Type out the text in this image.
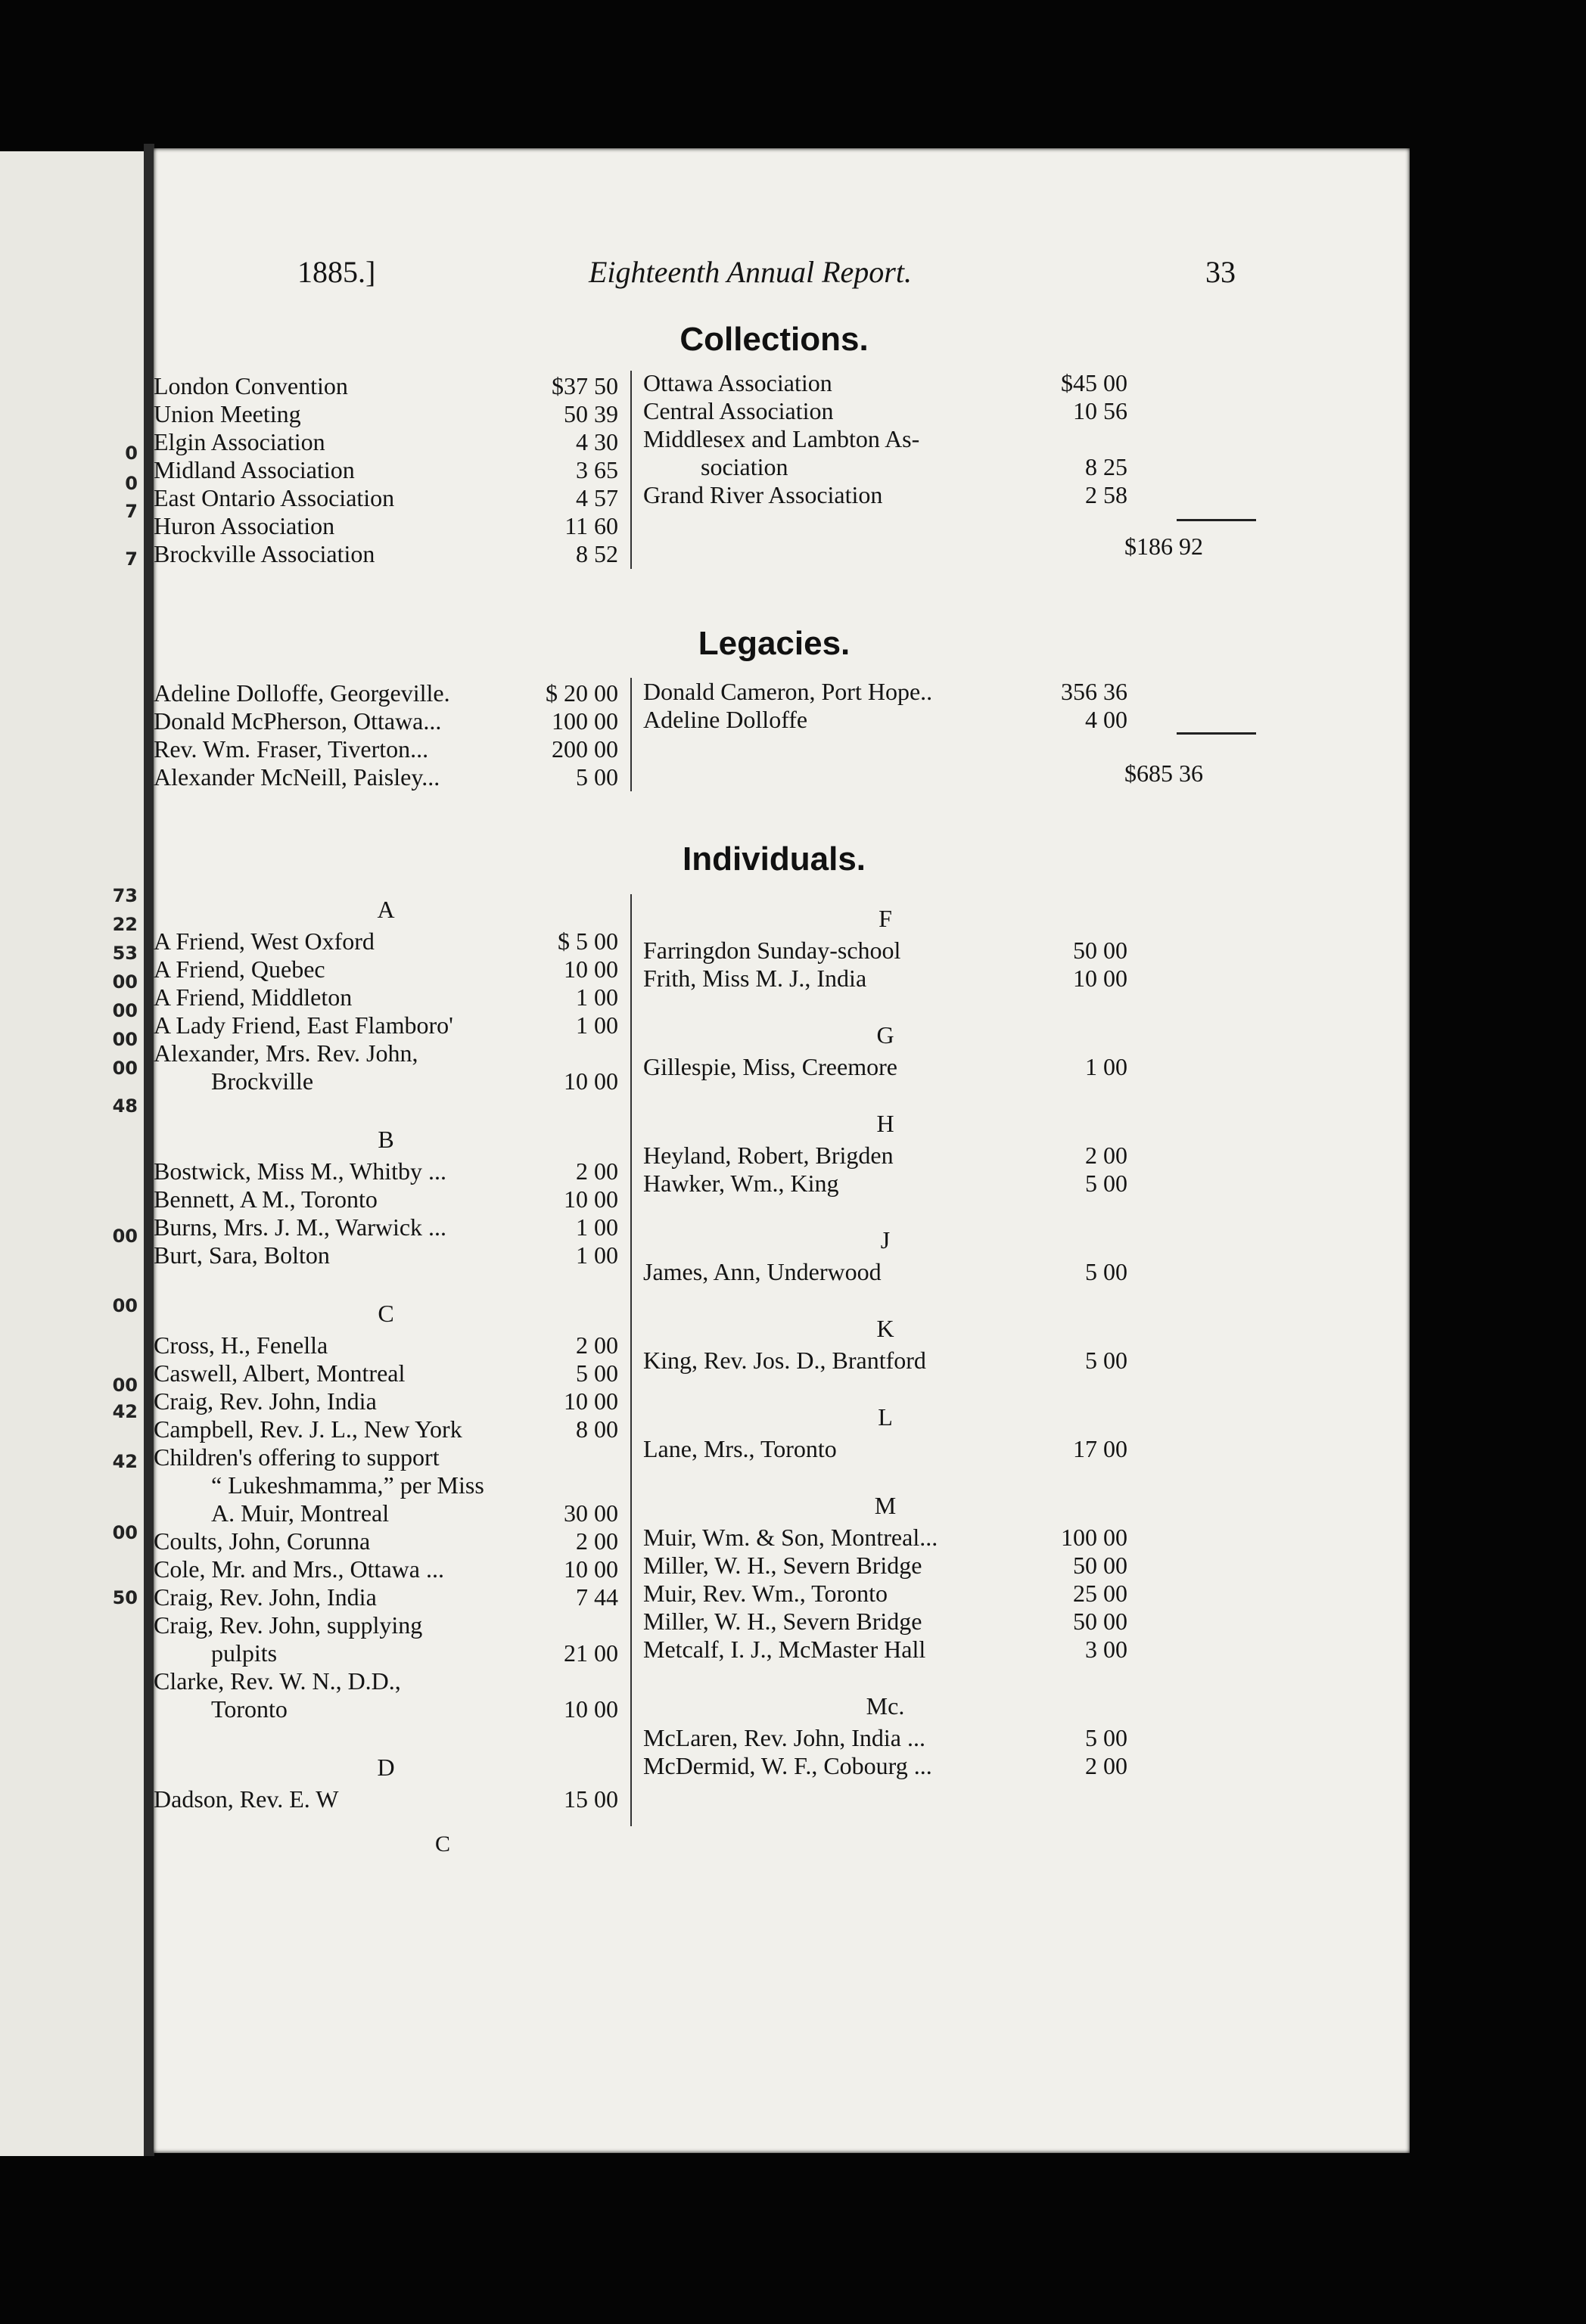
0
0
7
7
73
22
53
00
00
00
00
48
00
00
00
42
42
00
50
1885.]	Eighteenth Annual Report.	33
Collections.
Legacies.
Individuals.
London Convention	$37 50
Union Meeting	50 39
Elgin Association	4 30
Midland Association	3 65
East Ontario Association	4 57
Huron Association	11 60
Brockville Association	8 52
Ottawa Association	$45 00
Central Association	10 56
Middlesex and Lambton As-
sociation	8 25
Grand River Association	2 58
$186 92
Adeline Dolloffe, Georgeville.	$ 20 00
Donald McPherson, Ottawa...	100 00
Rev. Wm. Fraser, Tiverton...	200 00
Alexander McNeill, Paisley...	5 00
Donald Cameron, Port Hope..	356 36
Adeline Dolloffe	4 00
$685 36
A
A Friend, West Oxford	$ 5 00
A Friend, Quebec	10 00
A Friend, Middleton	1 00
A Lady Friend, East Flamboro'	1 00
Alexander, Mrs. Rev. John,
Brockville	10 00
B
Bostwick, Miss M., Whitby ...	2 00
Bennett, A M., Toronto	10 00
Burns, Mrs. J. M., Warwick ...	1 00
Burt, Sara, Bolton	1 00
C
Cross, H., Fenella	2 00
Caswell, Albert, Montreal	5 00
Craig, Rev. John, India	10 00
Campbell, Rev. J. L., New York	8 00
Children's offering to support
“ Lukeshmamma,” per Miss
A. Muir, Montreal	30 00
Coults, John, Corunna	2 00
Cole, Mr. and Mrs., Ottawa ...	10 00
Craig, Rev. John, India	7 44
Craig, Rev. John, supplying
pulpits	21 00
Clarke, Rev. W. N., D.D.,
Toronto	10 00
D
Dadson, Rev. E. W	15 00
F
Farringdon Sunday-school	50 00
Frith, Miss M. J., India	10 00
G
Gillespie, Miss, Creemore	1 00
H
Heyland, Robert, Brigden	2 00
Hawker, Wm., King	5 00
J
James, Ann, Underwood	5 00
K
King, Rev. Jos. D., Brantford	5 00
L
Lane, Mrs., Toronto	17 00
M
Muir, Wm. & Son, Montreal...	100 00
Miller, W. H., Severn Bridge	50 00
Muir, Rev. Wm., Toronto	25 00
Miller, W. H., Severn Bridge	50 00
Metcalf, I. J., McMaster Hall	3 00
Mc.
McLaren, Rev. John, India ...	5 00
McDermid, W. F., Cobourg ...	2 00
C
